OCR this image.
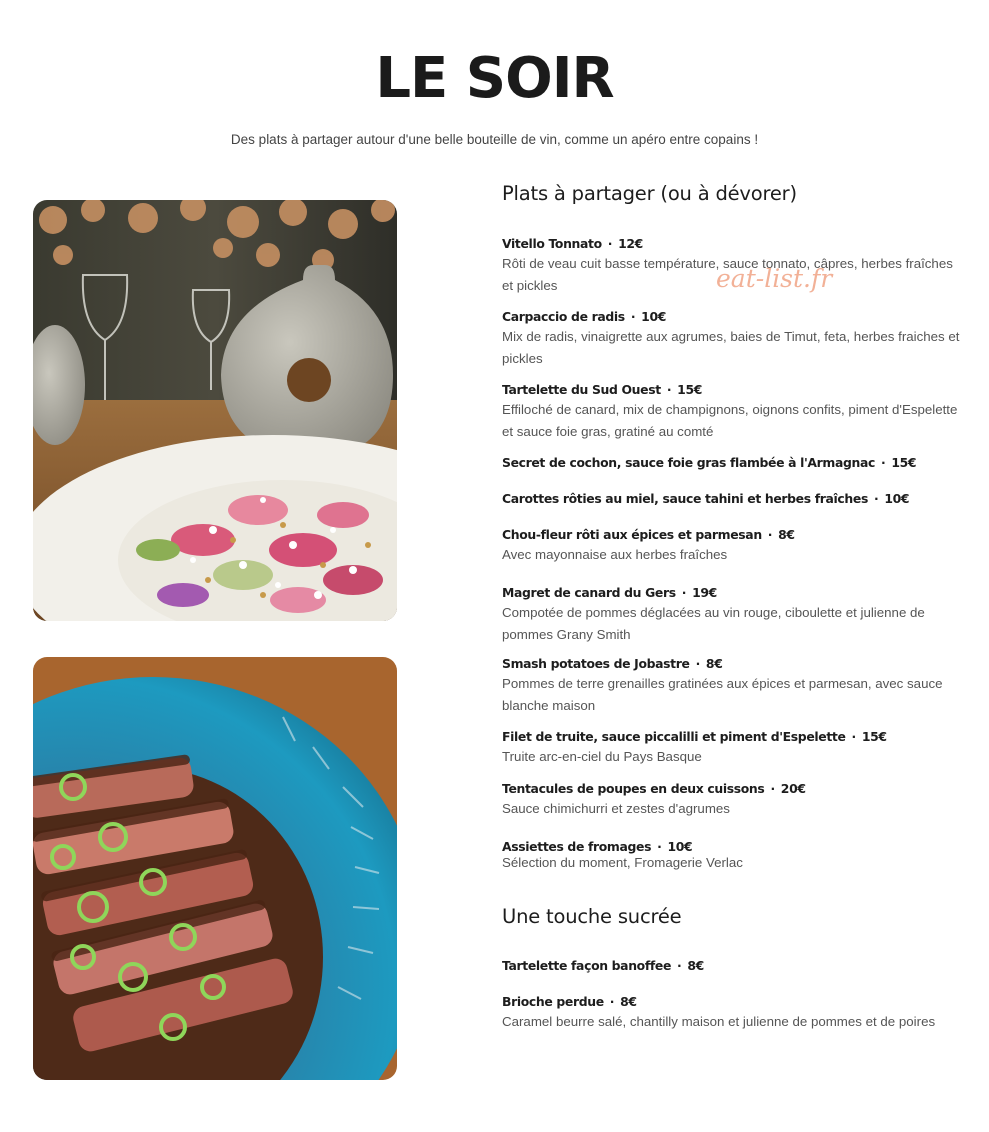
LE SOIR
Des plats à partager autour d'une belle bouteille de vin, comme un apéro entre copains !
eat-list.fr
Plats à partager (ou à dévorer)
Vitello Tonnato · 12€
Rôti de veau cuit basse température, sauce tonnato, câpres, herbes fraîches et pickles
Carpaccio de radis · 10€
Mix de radis, vinaigrette aux agrumes, baies de Timut, feta, herbes fraiches et pickles
Tartelette du Sud Ouest · 15€
Effiloché de canard, mix de champignons, oignons confits, piment d'Espelette et sauce foie gras, gratiné au comté
Secret de cochon, sauce foie gras flambée à l'Armagnac · 15€
Carottes rôties au miel, sauce tahini et herbes fraîches · 10€
Chou-fleur rôti aux épices et parmesan · 8€
Avec mayonnaise aux herbes fraîches
Magret de canard du Gers · 19€
Compotée de pommes déglacées au vin rouge, ciboulette et julienne de pommes Grany Smith
Smash potatoes de Jobastre · 8€
Pommes de terre grenailles gratinées aux épices et parmesan, avec sauce blanche maison
Filet de truite, sauce piccalilli et piment d'Espelette · 15€
Truite arc-en-ciel du Pays Basque
Tentacules de poupes en deux cuissons · 20€
Sauce chimichurri et zestes d'agrumes
Assiettes de fromages · 10€
Sélection du moment, Fromagerie Verlac
Une touche sucrée
Tartelette façon banoffee · 8€
Brioche perdue · 8€
Caramel beurre salé, chantilly maison et julienne de pommes et de poires
